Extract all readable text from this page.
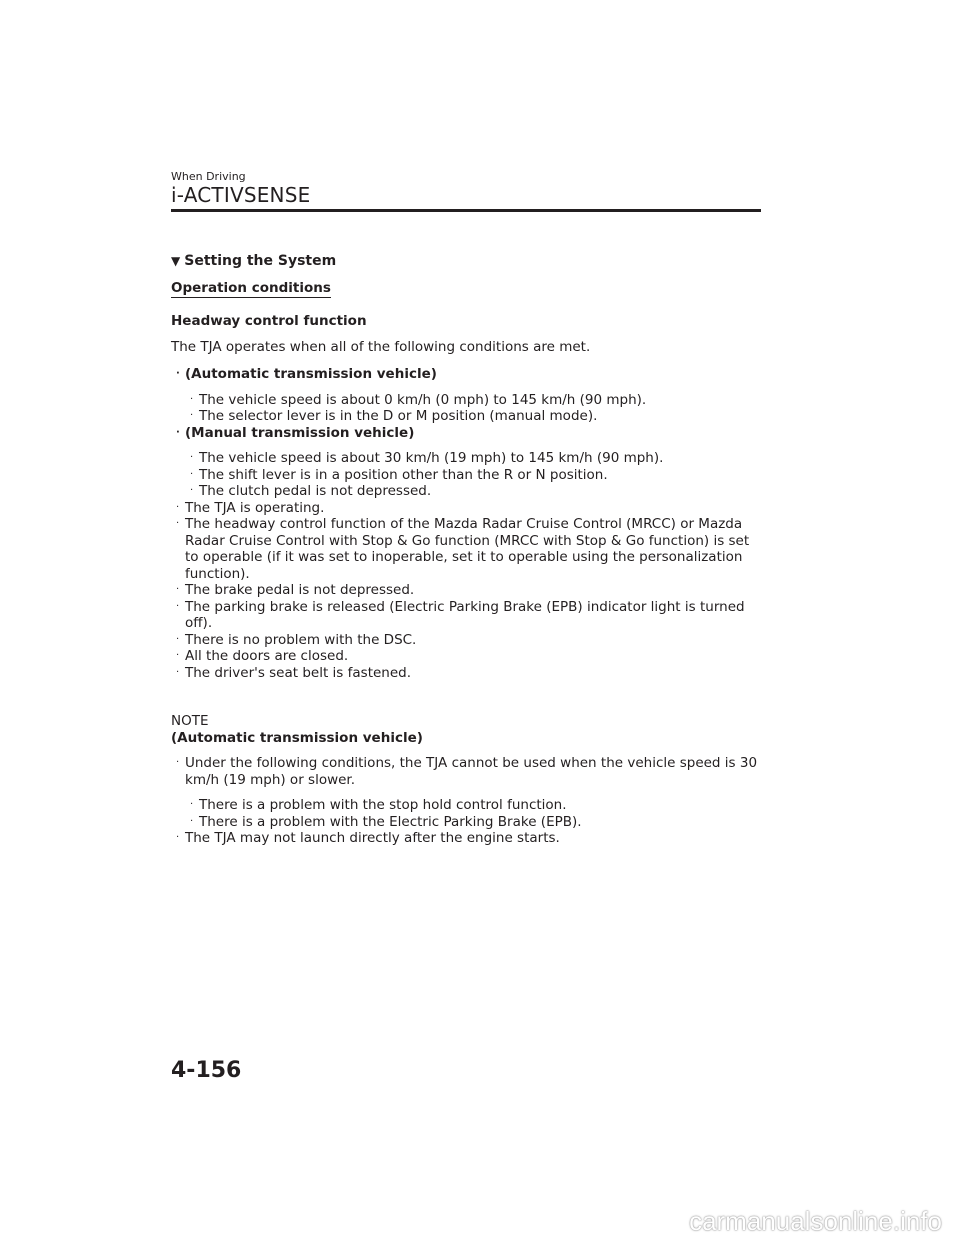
When Driving
i-ACTIVSENSE
▼ Setting the System
Operation conditions
Headway control function
The TJA operates when all of the following conditions are met.
· (Automatic transmission vehicle)
· The vehicle speed is about 0 km/h (0 mph) to 145 km/h (90 mph).
· The selector lever is in the D or M position (manual mode).
· (Manual transmission vehicle)
· The vehicle speed is about 30 km/h (19 mph) to 145 km/h (90 mph).
· The shift lever is in a position other than the R or N position.
· The clutch pedal is not depressed.
· The TJA is operating.
· The headway control function of the Mazda Radar Cruise Control (MRCC) or Mazda Radar Cruise Control with Stop & Go function (MRCC with Stop & Go function) is set to operable (if it was set to inoperable, set it to operable using the personalization function).
· The brake pedal is not depressed.
· The parking brake is released (Electric Parking Brake (EPB) indicator light is turned off).
· There is no problem with the DSC.
· All the doors are closed.
· The driver's seat belt is fastened.
NOTE
(Automatic transmission vehicle)
· Under the following conditions, the TJA cannot be used when the vehicle speed is 30 km/h (19 mph) or slower.
· There is a problem with the stop hold control function.
· There is a problem with the Electric Parking Brake (EPB).
· The TJA may not launch directly after the engine starts.
4-156
carmanualsonline.info
